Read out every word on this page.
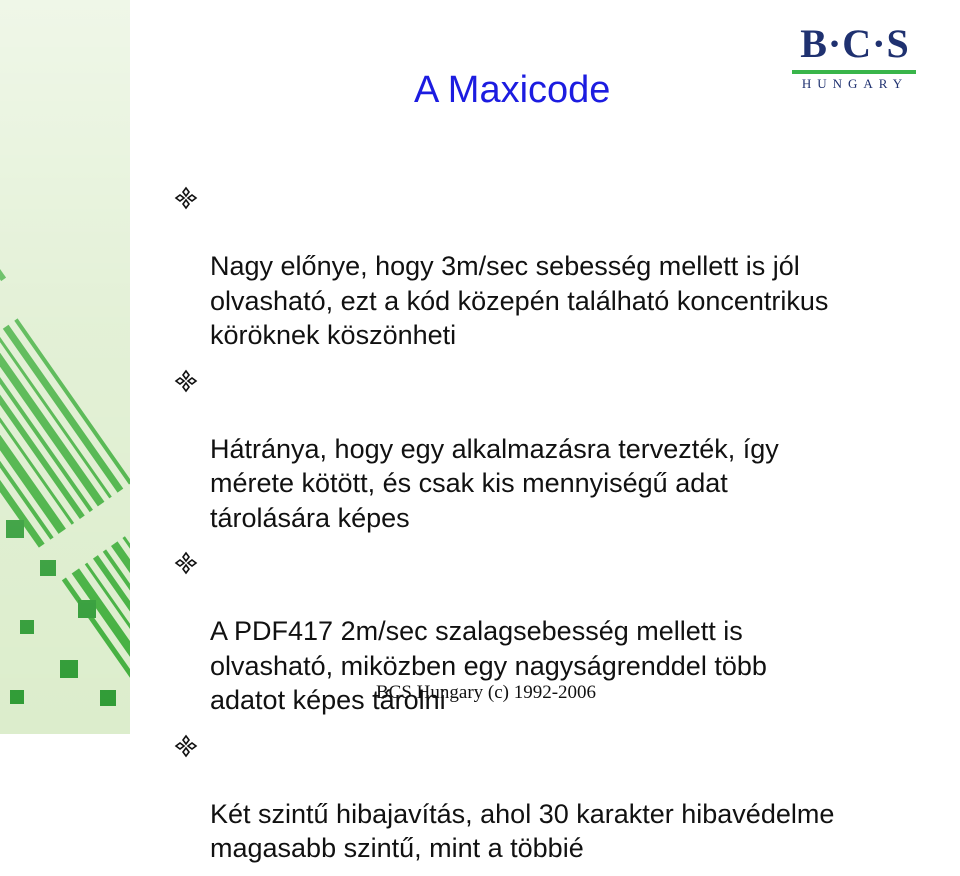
B·C·S
HUNGARY
A Maxicode

Nagy előnye, hogy 3m/sec sebesség mellett is jól
olvasható, ezt a kód közepén található koncentrikus
köröknek köszönheti

Hátránya, hogy egy alkalmazásra tervezték, így
mérete kötött, és csak kis mennyiségű adat
tárolására képes

A PDF417 2m/sec szalagsebesség mellett is
olvasható, miközben egy nagyságrenddel több
adatot képes tárolni

Két szintű hibajavítás, ahol 30 karakter hibavédelme
magasabb szintű, mint a többié

BCS Hungary (c) 1992-2006
